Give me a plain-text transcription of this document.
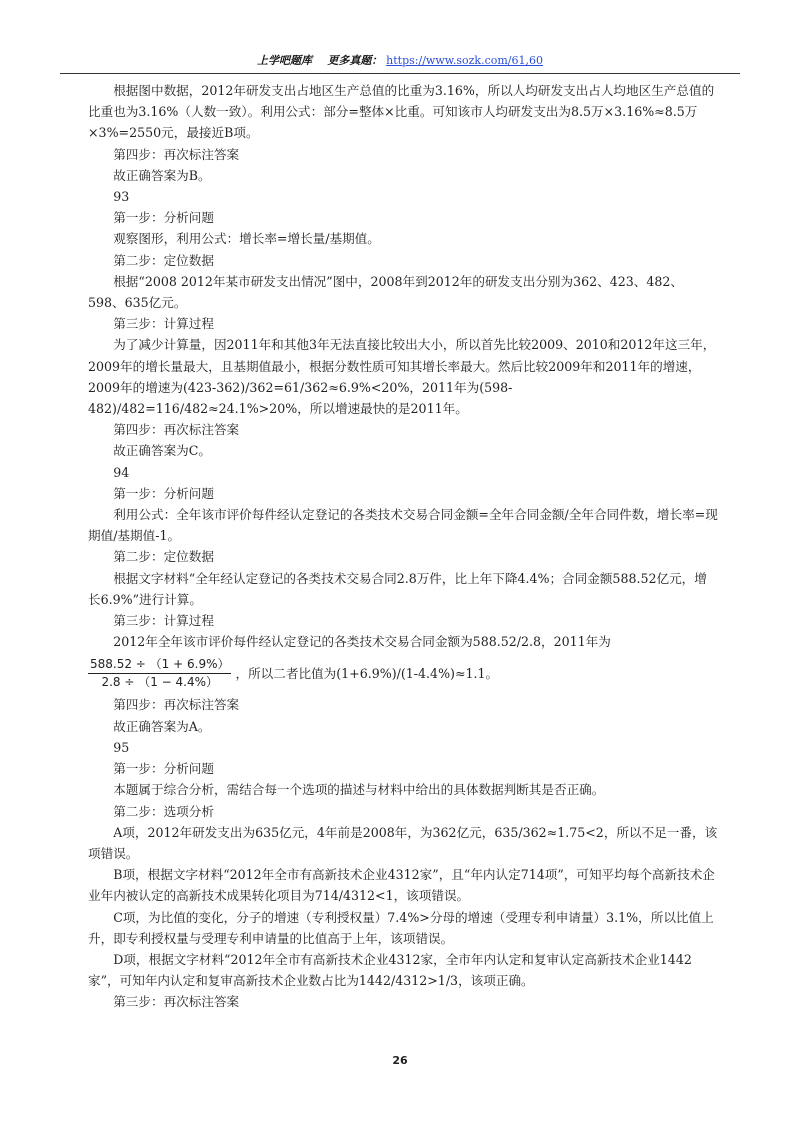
上学吧题库 更多真题： https://www.sozk.com/61,60

根据图中数据，2012年研发支出占地区生产总值的比重为3.16%，所以人均研发支出占人均地区生产总值的比重也为3.16%（人数一致）。利用公式：部分=整体×比重。可知该市人均研发支出为8.5万×3.16%≈8.5万×3%=2550元，最接近B项。

第四步：再次标注答案

故正确答案为B。

93

第一步：分析问题

观察图形，利用公式：增长率=增长量/基期值。

第二步：定位数据

根据“2008 2012年某市研发支出情况”图中，2008年到2012年的研发支出分别为362、423、482、598、635亿元。

第三步：计算过程

为了减少计算量，因2011年和其他3年无法直接比较出大小，所以首先比较2009、2010和2012年这三年，2009年的增长量最大，且基期值最小，根据分数性质可知其增长率最大。然后比较2009年和2011年的增速，2009年的增速为(423-362)/362=61/362≈6.9%<20%，2011年为(598-482)/482=116/482≈24.1%>20%，所以增速最快的是2011年。

第四步：再次标注答案

故正确答案为C。

94

第一步：分析问题

利用公式：全年该市评价每件经认定登记的各类技术交易合同金额=全年合同金额/全年合同件数，增长率=现期值/基期值-1。

第二步：定位数据

根据文字材料“全年经认定登记的各类技术交易合同2.8万件，比上年下降4.4%；合同金额588.52亿元，增长6.9%”进行计算。

第三步：计算过程

2012年全年该市评价每件经认定登记的各类技术交易合同金额为588.52/2.8，2011年为

$\frac{588.52 \div (1 + 6.9\%)}{2.8 \div (1 - 4.4\%)}$ ，所以二者比值为(1+6.9%)/(1-4.4%)≈1.1。

第四步：再次标注答案

故正确答案为A。

95

第一步：分析问题

本题属于综合分析，需结合每一个选项的描述与材料中给出的具体数据判断其是否正确。

第二步：选项分析

A项，2012年研发支出为635亿元，4年前是2008年，为362亿元，635/362≈1.75<2，所以不足一番，该项错误。

B项，根据文字材料“2012年全市有高新技术企业4312家”，且“年内认定714项”，可知平均每个高新技术企业年内被认定的高新技术成果转化项目为714/4312<1，该项错误。

C项，为比值的变化，分子的增速（专利授权量）7.4%>分母的增速（受理专利申请量）3.1%，所以比值上升，即专利授权量与受理专利申请量的比值高于上年，该项错误。

D项，根据文字材料“2012年全市有高新技术企业4312家，全市年内认定和复审认定高新技术企业1442家”，可知年内认定和复审高新技术企业数占比为1442/4312>1/3，该项正确。

第三步：再次标注答案

26
